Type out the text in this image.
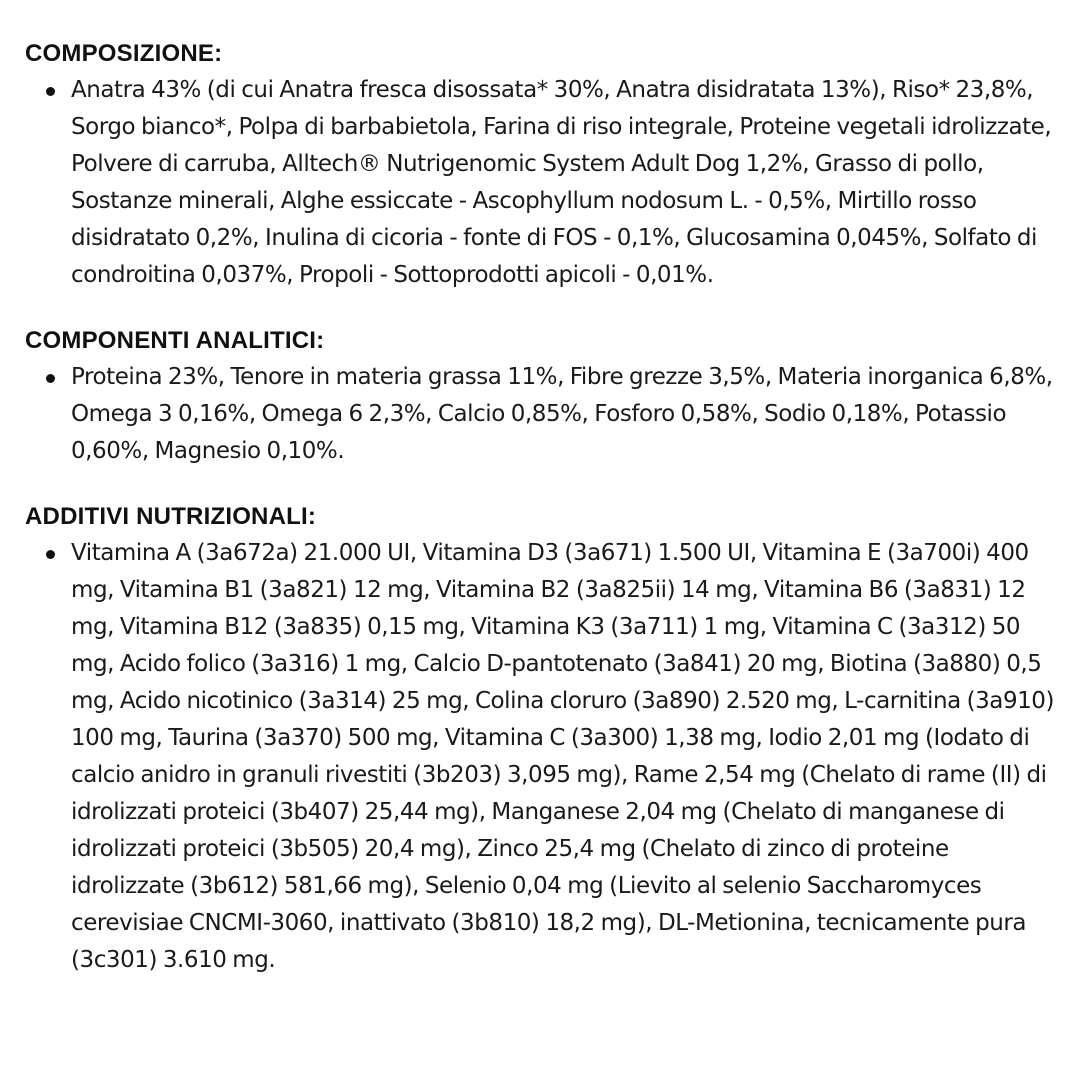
COMPOSIZIONE:
Anatra 43% (di cui Anatra fresca disossata* 30%, Anatra disidratata 13%), Riso* 23,8%, Sorgo bianco*, Polpa di barbabietola, Farina di riso integrale, Proteine vegetali idrolizzate, Polvere di carruba, Alltech® Nutrigenomic System Adult Dog 1,2%, Grasso di pollo, Sostanze minerali, Alghe essiccate - Ascophyllum nodosum L. - 0,5%, Mirtillo rosso disidratato 0,2%, Inulina di cicoria - fonte di FOS - 0,1%, Glucosamina 0,045%, Solfato di condroitina 0,037%, Propoli - Sottoprodotti apicoli - 0,01%.
COMPONENTI ANALITICI:
Proteina 23%, Tenore in materia grassa 11%, Fibre grezze 3,5%, Materia inorganica 6,8%, Omega 3 0,16%, Omega 6 2,3%, Calcio 0,85%, Fosforo 0,58%, Sodio 0,18%, Potassio 0,60%, Magnesio 0,10%.
ADDITIVI NUTRIZIONALI:
Vitamina A (3a672a) 21.000 UI, Vitamina D3 (3a671) 1.500 UI, Vitamina E (3a700i) 400 mg, Vitamina B1 (3a821) 12 mg, Vitamina B2 (3a825ii) 14 mg, Vitamina B6 (3a831) 12 mg, Vitamina B12 (3a835) 0,15 mg, Vitamina K3 (3a711) 1 mg, Vitamina C (3a312) 50 mg, Acido folico (3a316) 1 mg, Calcio D-pantotenato (3a841) 20 mg, Biotina (3a880) 0,5 mg, Acido nicotinico (3a314) 25 mg, Colina cloruro (3a890) 2.520 mg, L-carnitina (3a910) 100 mg, Taurina (3a370) 500 mg, Vitamina C (3a300) 1,38 mg, Iodio 2,01 mg (Iodato di calcio anidro in granuli rivestiti (3b203) 3,095 mg), Rame 2,54 mg (Chelato di rame (II) di idrolizzati proteici (3b407) 25,44 mg), Manganese 2,04 mg (Chelato di manganese di idrolizzati proteici (3b505) 20,4 mg), Zinco 25,4 mg (Chelato di zinco di proteine idrolizzate (3b612) 581,66 mg), Selenio 0,04 mg (Lievito al selenio Saccharomyces cerevisiae CNCMI-3060, inattivato (3b810) 18,2 mg), DL-Metionina, tecnicamente pura (3c301) 3.610 mg.
